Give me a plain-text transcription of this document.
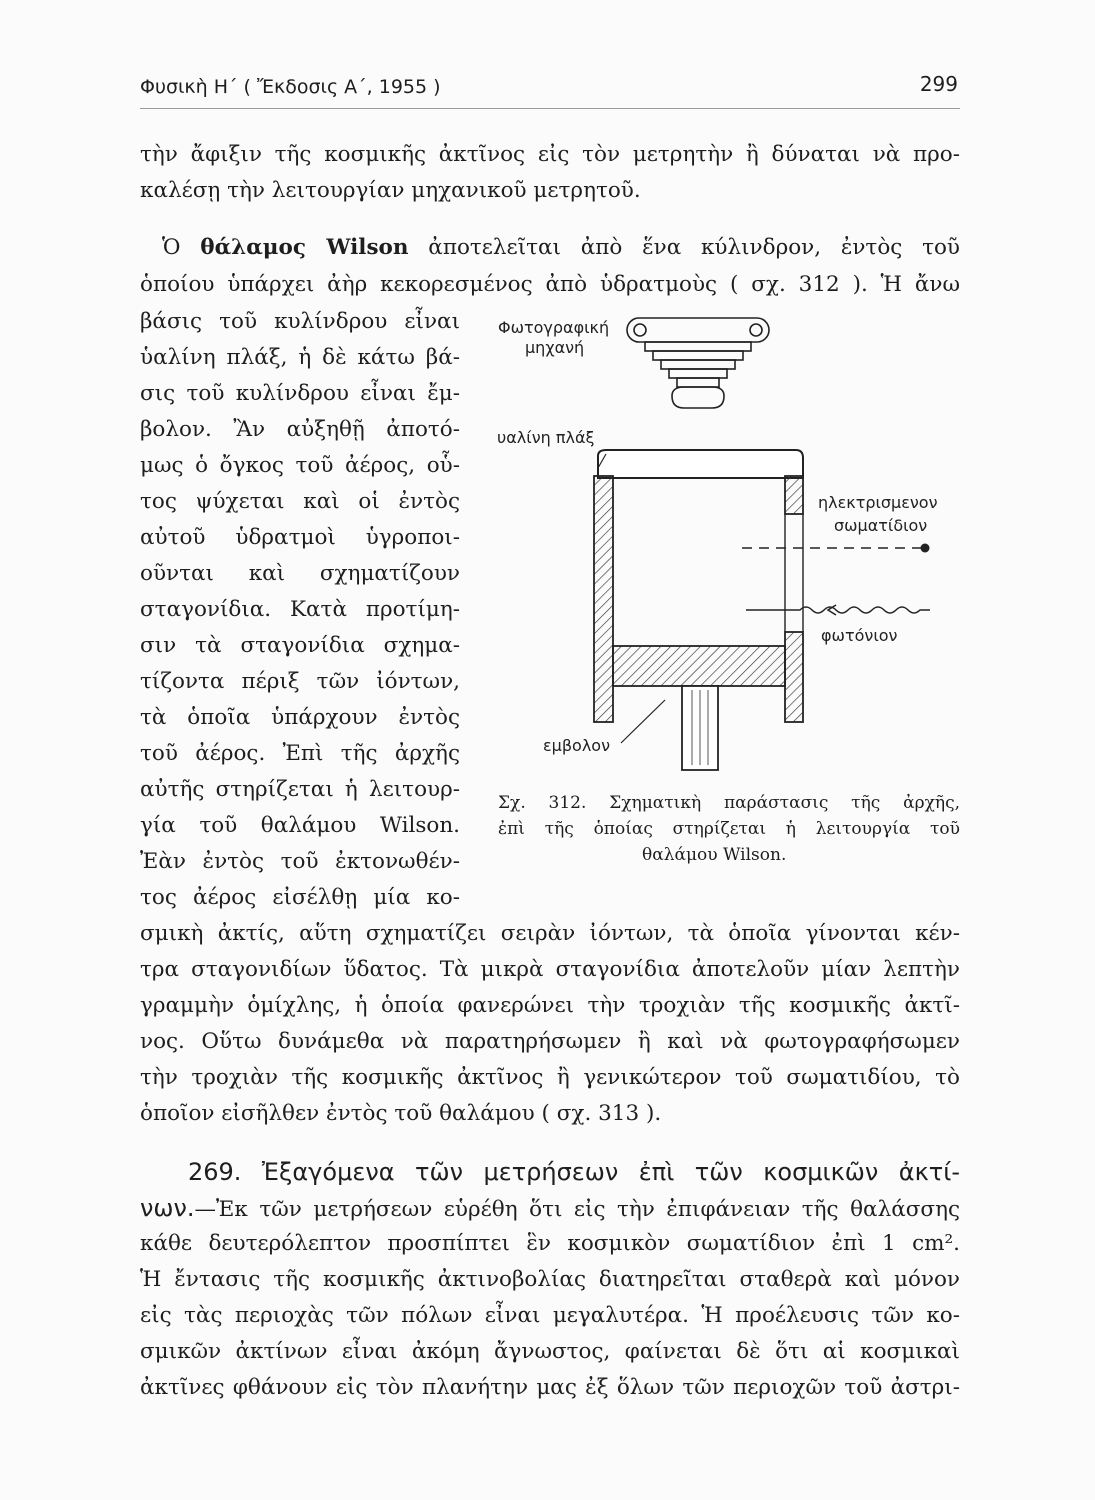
Φυσικὴ Η΄ ( Ἔκδοσις Α΄, 1955 )	299
τὴν ἄφιξιν τῆς κοσμικῆς ἀκτῖνος εἰς τὸν μετρητὴν ἢ δύναται νὰ προ-
καλέσῃ τὴν λειτουργίαν μηχανικοῦ μετρητοῦ.
Ὁ θάλαμος Wilson ἀποτελεῖται ἀπὸ ἕνα κύλινδρον, ἐντὸς τοῦ
ὁποίου ὑπάρχει ἀὴρ κεκορεσμένος ἀπὸ ὑδρατμοὺς ( σχ. 312 ). Ἡ ἄνω
βάσις τοῦ κυλίνδρου εἶναι
ὑαλίνη πλάξ, ἡ δὲ κάτω βά-
σις τοῦ κυλίνδρου εἶναι ἔμ-
βολον. Ἂν αὐξηθῇ ἀποτό-
μως ὁ ὄγκος τοῦ ἀέρος, οὗ-
τος ψύχεται καὶ οἱ ἐντὸς
αὐτοῦ ὑδρατμοὶ ὑγροποι-
οῦνται καὶ σχηματίζουν
σταγονίδια. Κατὰ προτίμη-
σιν τὰ σταγονίδια σχημα-
τίζοντα πέριξ τῶν ἰόντων,
τὰ ὁποῖα ὑπάρχουν ἐντὸς
τοῦ ἀέρος. Ἐπὶ τῆς ἀρχῆς
αὐτῆς στηρίζεται ἡ λειτουρ-
γία τοῦ θαλάμου Wilson.
Ἐὰν ἐντὸς τοῦ ἐκτονωθέν-
τος ἀέρος εἰσέλθῃ μία κο-
σμικὴ ἀκτίς, αὕτη σχηματίζει σειρὰν ἰόντων, τὰ ὁποῖα γίνονται κέν-
τρα σταγονιδίων ὕδατος. Τὰ μικρὰ σταγονίδια ἀποτελοῦν μίαν λεπτὴν
γραμμὴν ὁμίχλης, ἡ ὁποία φανερώνει τὴν τροχιὰν τῆς κοσμικῆς ἀκτῖ-
νος. Οὕτω δυνάμεθα νὰ παρατηρήσωμεν ἢ καὶ νὰ φωτογραφήσωμεν
τὴν τροχιὰν τῆς κοσμικῆς ἀκτῖνος ἢ γενικώτερον τοῦ σωματιδίου, τὸ
ὁποῖον εἰσῆλθεν ἐντὸς τοῦ θαλάμου ( σχ. 313 ).
Φωτογραφική
μηχανή
υαλίνη πλάξ
ηλεκτρισμενον
σωματίδιον
φωτόνιον
εμβολον
Σχ. 312. Σχηματικὴ παράστασις τῆς ἀρχῆς,
ἐπὶ τῆς ὁποίας στηρίζεται ἡ λειτουργία τοῦ
θαλάμου Wilson.
269. Ἐξαγόμενα τῶν μετρήσεων ἐπὶ τῶν κοσμικῶν ἀκτί-
νων.—Ἐκ τῶν μετρήσεων εὑρέθη ὅτι εἰς τὴν ἐπιφάνειαν τῆς θαλάσσης
κάθε δευτερόλεπτον προσπίπτει ἓν κοσμικὸν σωματίδιον ἐπὶ 1 cm².
Ἡ ἔντασις τῆς κοσμικῆς ἀκτινοβολίας διατηρεῖται σταθερὰ καὶ μόνον
εἰς τὰς περιοχὰς τῶν πόλων εἶναι μεγαλυτέρα. Ἡ προέλευσις τῶν κο-
σμικῶν ἀκτίνων εἶναι ἀκόμη ἄγνωστος, φαίνεται δὲ ὅτι αἱ κοσμικαὶ
ἀκτῖνες φθάνουν εἰς τὸν πλανήτην μας ἐξ ὅλων τῶν περιοχῶν τοῦ ἀστρι-
